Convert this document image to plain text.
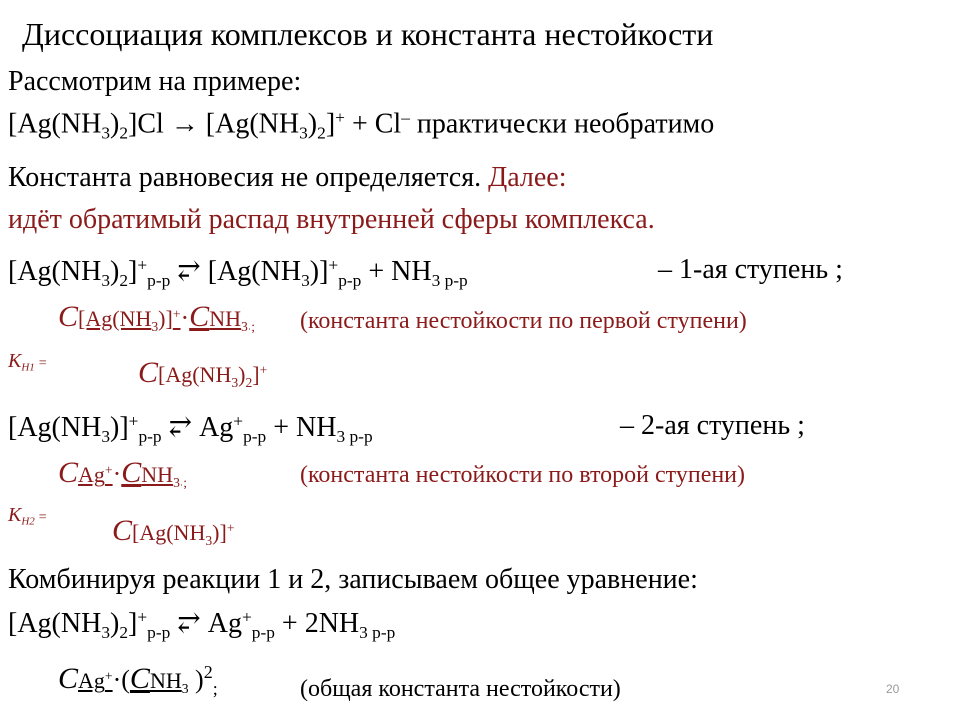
Диссоциация комплексов и константа нестойкости
Рассмотрим на примере:
$[Ag(NH_3)_2]Cl \to [Ag(NH_3)_2]^+ + Cl^-$ практически необратимо
Константа равновесия не определяется. Далее:
идёт обратимый распад внутренней сферы комплекса.
$[Ag(NH_3)_2]^+_{р-р}$ ⥂ $[Ag(NH_3)]^+_{р-р} + NH_{3 р-р}$	– 1-ая ступень ;
$C[Ag(NH_3)]^+\cdot CNH_{3 ;}$ (константа нестойкости по первой ступени)
$K_{H1}$ =	$C[Ag(NH_3)_2]^+$
$[Ag(NH_3)]^+_{р-р}$ ⥂ $Ag^+_{р-р} + NH_{3 р-р}$	– 2-ая ступень ;
$CAg^+\cdot CNH_{3 ;}$	(константа нестойкости по второй ступени)
$K_{H2} = C[Ag(NH_3)]^+$
Комбинируя реакции 1 и 2, записываем общее уравнение:
$[Ag(NH_3)_2]^+_{р-р}$ ⥂ $Ag^+_{р-р} + 2NH_{3 р-р}$
$CAg^+\cdot(CNH_3$ )2;	(общая константа нестойкости)	20
